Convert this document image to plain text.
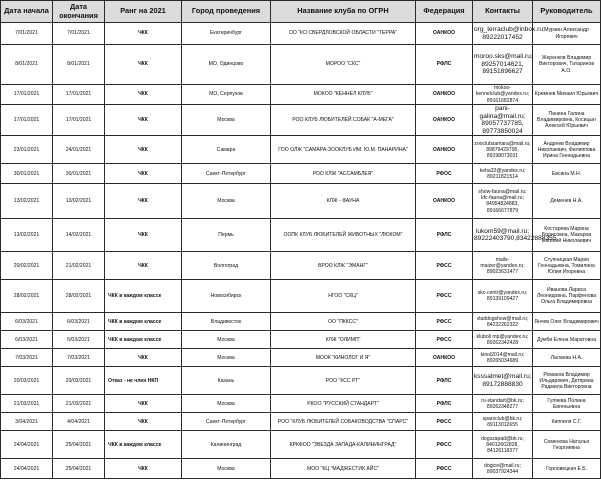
Дата начала	Дата окончания	Ранг на 2021	Город проведения	Название клуба по ОГРН	Федерация	Контакты	Руководитель
7/01/2021	7/01/2021	ЧКК	Екатеринбург	ОО "КО СВЕРДЛОВСКОЙ ОБЛАСТИ "ТЕРРА"	ОАНКОО	org_terraclub@inbox.ru; 89222017452	Мурзин Александр Игоревич
8/01/2021	8/01/2021	ЧКК	МО, Одинцово	МОРОО "СКС"	РФЛС	moroo.sks@mail.ru; 89257014621, 89151896627	Жеренков Владимир Викторович, Татаринов А.О.
17/01/2021	17/01/2021	ЧКК	МО, Серпухов	МОКОО "КЕННЕЛ КЛУБ"	ОАНКОО	mokoo-kennelclub@yandex.ru; 89161682874	Кремнев Михаил Юрьевич
17/01/2021	17/01/2021	ЧКК	Москва	РОО КЛУБ ЛЮБИТЕЛЕЙ СОБАК "А-МЕГА"	ОАНКОО	pani-galina@mail.ru; 89057737785, 89773850024	Панина Галина Владимировна, Косицын Алексей Юрьевич
23/01/2021	24/01/2021	ЧКК	Самара	ГОО ОЛЖ "САМАРА-ЗООКЛУБ ИМ. Ю.М. ПАНАРИНА"	ОАНКОО	zooclubsamara@mail.ru; 89879429795, 89198073031	Андреев Владимир Николаевич, Филиппова Ирина Геннадьевна
30/01/2021	30/01/2021	ЧКК	Санкт-Петербург	РОО КЛЖ "АССАМБЛЕЯ"	РФОС	keha32@yandex.ru; 89211821514	Евсина М.Н.
13/02/2021	13/02/2021	ЧКК	Москва	КЛЖ - ФАУНА	ОАНКОО	show-fauna@mail.ru; kfc-fauna@mail.ru; 84954824883, 89166677879	Деменев Н.А.
13/02/2021	14/02/2021	ЧКК	Пермь	ООПК КЛУБ ЛЮБИТЕЛЕЙ ЖИВОТНЫХ "ЛЮКОМ"	РФЛС	lukom59@mail.ru; 89222403790,83422888355	Костарева Марина Борисовна, Макаров Евгений Николаевич
20/02/2021	21/02/2021	ЧКК	Волгоград	ВРОО КЛЖ "ЭМАНГ"	РФСС	mails-maizer@yandex.ru; 89023631477	Ступницкая Мария Геннадьевна, Томилина Юлия Игоревна
28/02/2021	28/02/2021	ЧКК в каждом классе	Новосибирск	НГОО "СКЦ"	РФСС	skc-centr@yandex.ru; 89139109427	Иванова Лариса Леонидовна, Парфенова Ольга Владимировна
6/03/2021	6/03/2021	ЧКК в каждом классе	Владивосток	ОО "ПККСС"	РФСС	vladdogshow@mail.ru; 84232262322	Янчев Олег Владимирович
6/03/2021	6/03/2021	ЧКК в каждом классе	Москва	КЛЖ "ОЛИМП"	РФСС	kluboli mp@yandex.ru; 89262342428	Думби Елена Маратовна
7/03/2021	7/03/2021	ЧКК	Москва	МООК "КИНОЛОГ И Я"	ОАНКОО	kinol2014@mail.ru; 89265034689	Лалаева Н.А.
20/03/2021	20/03/2021	Отказ - не член НКП	Казань	РОО "КСС РТ"	РФЛС	ksssalmet@mail.ru; 89172888830	Романов Владимир Ильдарович, Детярева Радмила Викторовна
21/03/2021	21/03/2021	ЧКК	Москва	РКОО "РУССКИЙ СТАНДАРТ"	РФЛС	ru-standart@bk.ru; 89262348277	Гуляева Полина Евгеньевна
3/04/2021	4/04/2021	ЧКК	Санкт-Петербург	РОО "КЛУБ ЛЮБИТЕЛЕЙ СОБАКОВОДСТВА "СПАРС"	РФСС	sparsclub@bk.ru; 89113012655	Киппиля С.Г.
24/04/2021	25/04/2021	ЧКК в каждом классе	Калининград	КРКФОО "ЗВЕЗДА ЗАПАДА-КАЛИНИНГРАД"	РФСС	dogszapad@bk.ru; 84012602828, 84126118377	Семенова Наталья Георгиевна
24/04/2021	25/04/2021	ЧКК	Москва	МОО "КЦ "МАДЖЕСТИК АЙС"	РФСС	dogice@mail.ru; 89037924344	Горловецкая Е.Б.
